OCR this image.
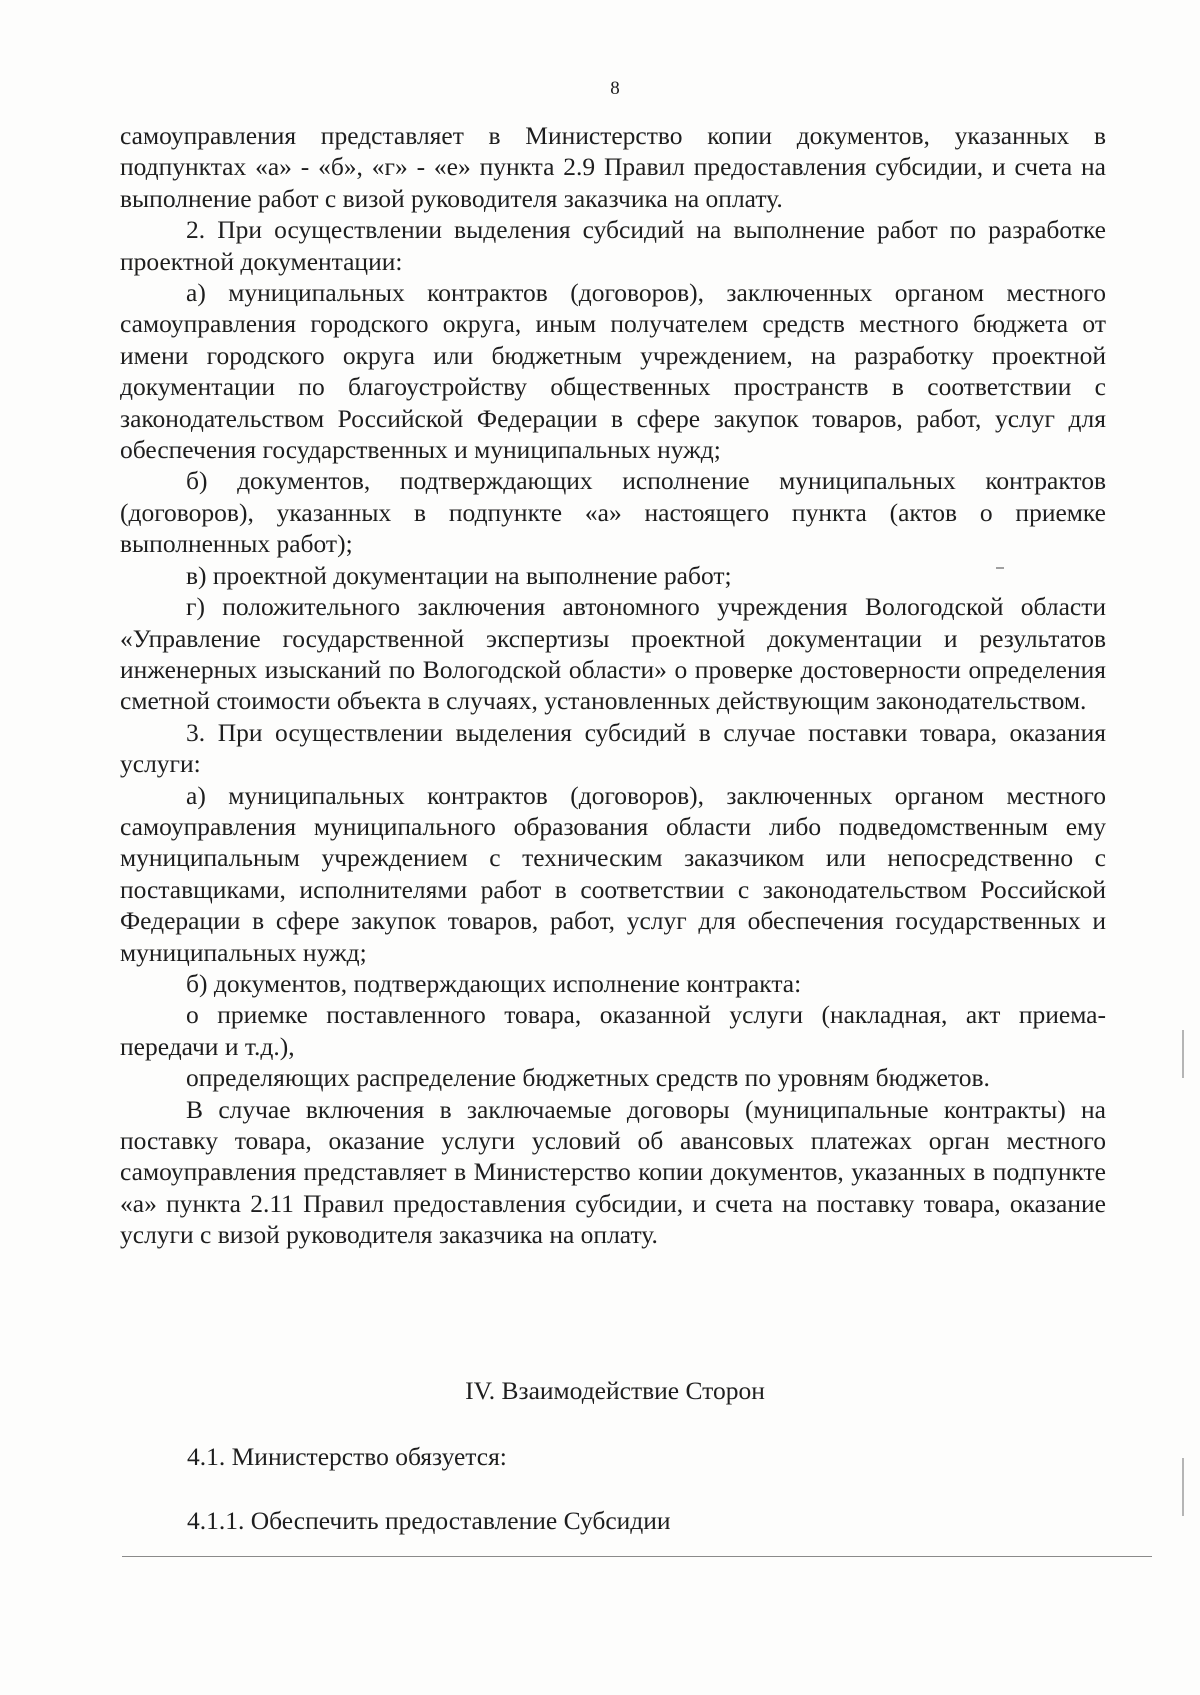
8

самоуправления представляет в Министерство копии документов, указанных в подпунктах «а» - «б», «г» - «е» пункта 2.9 Правил предоставления субсидии, и счета на выполнение работ с визой руководителя заказчика на оплату.

2. При осуществлении выделения субсидий на выполнение работ по разработке проектной документации:

а) муниципальных контрактов (договоров), заключенных органом местного самоуправления городского округа, иным получателем средств местного бюджета от имени городского округа или бюджетным учреждением, на разработку проектной документации по благоустройству общественных пространств в соответствии с законодательством Российской Федерации в сфере закупок товаров, работ, услуг для обеспечения государственных и муниципальных нужд;

б) документов, подтверждающих исполнение муниципальных контрактов (договоров), указанных в подпункте «а» настоящего пункта (актов о приемке выполненных работ);

в) проектной документации на выполнение работ;

г) положительного заключения автономного учреждения Вологодской области «Управление государственной экспертизы проектной документации и результатов инженерных изысканий по Вологодской области» о проверке достоверности определения сметной стоимости объекта в случаях, установленных действующим законодательством.

3. При осуществлении выделения субсидий в случае поставки товара, оказания услуги:

а) муниципальных контрактов (договоров), заключенных органом местного самоуправления муниципального образования области либо подведомственным ему муниципальным учреждением с техническим заказчиком или непосредственно с поставщиками, исполнителями работ в соответствии с законодательством Российской Федерации в сфере закупок товаров, работ, услуг для обеспечения государственных и муниципальных нужд;

б) документов, подтверждающих исполнение контракта:

о приемке поставленного товара, оказанной услуги (накладная, акт приема-передачи и т.д.),

определяющих распределение бюджетных средств по уровням бюджетов.

В случае включения в заключаемые договоры (муниципальные контракты) на поставку товара, оказание услуги условий об авансовых платежах орган местного самоуправления представляет в Министерство копии документов, указанных в подпункте «а» пункта 2.11 Правил предоставления субсидии, и счета на поставку товара, оказание услуги с визой руководителя заказчика на оплату.

IV. Взаимодействие Сторон
4.1. Министерство обязуется:
4.1.1. Обеспечить предоставление Субсидии
